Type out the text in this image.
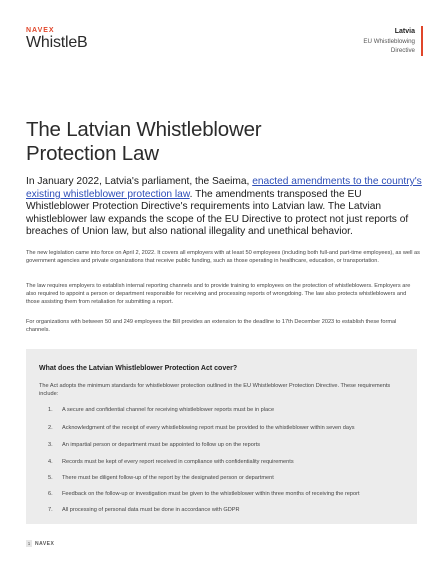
NAVEX
WhistleB
Latvia
EU Whistleblowing
Directive
The Latvian Whistleblower
Protection Law

In January 2022, Latvia's parliament, the Saeima, enacted amendments to the country's existing whistleblower protection law. The amendments transposed the EU Whistleblower Protection Directive's requirements into Latvian law. The Latvian whistleblower law expands the scope of the EU Directive to protect not just reports of breaches of Union law, but also national illegality and unethical behavior.

The new legislation came into force on April 2, 2022. It covers all employers with at least 50 employees (including both full-and part-time employees), as well as government agencies and private organizations that receive public funding, such as those operating in healthcare, education, or transportation.

The law requires employers to establish internal reporting channels and to provide training to employees on the protection of whistleblowers. Employers are also required to appoint a person or department responsible for receiving and processing reports of wrongdoing. The law also protects whistleblowers and those assisting them from retaliation for submitting a report.

For organizations with between 50 and 249 employees the Bill provides an extension to the deadline to 17th December 2023 to establish these formal channels.

What does the Latvian Whistleblower Protection Act cover?
The Act adopts the minimum standards for whistleblower protection outlined in the EU Whistleblower Protection Directive. These requirements include:
1. A secure and confidential channel for receiving whistleblower reports must be in place
2. Acknowledgment of the receipt of every whistleblowing report must be provided to the whistleblower within seven days
3. An impartial person or department must be appointed to follow up on the reports
4. Records must be kept of every report received in compliance with confidentiality requirements
5. There must be diligent follow-up of the report by the designated person or department
6. Feedback on the follow-up or investigation must be given to the whistleblower within three months of receiving the report
7. All processing of personal data must be done in accordance with GDPR
1 NAVEX
